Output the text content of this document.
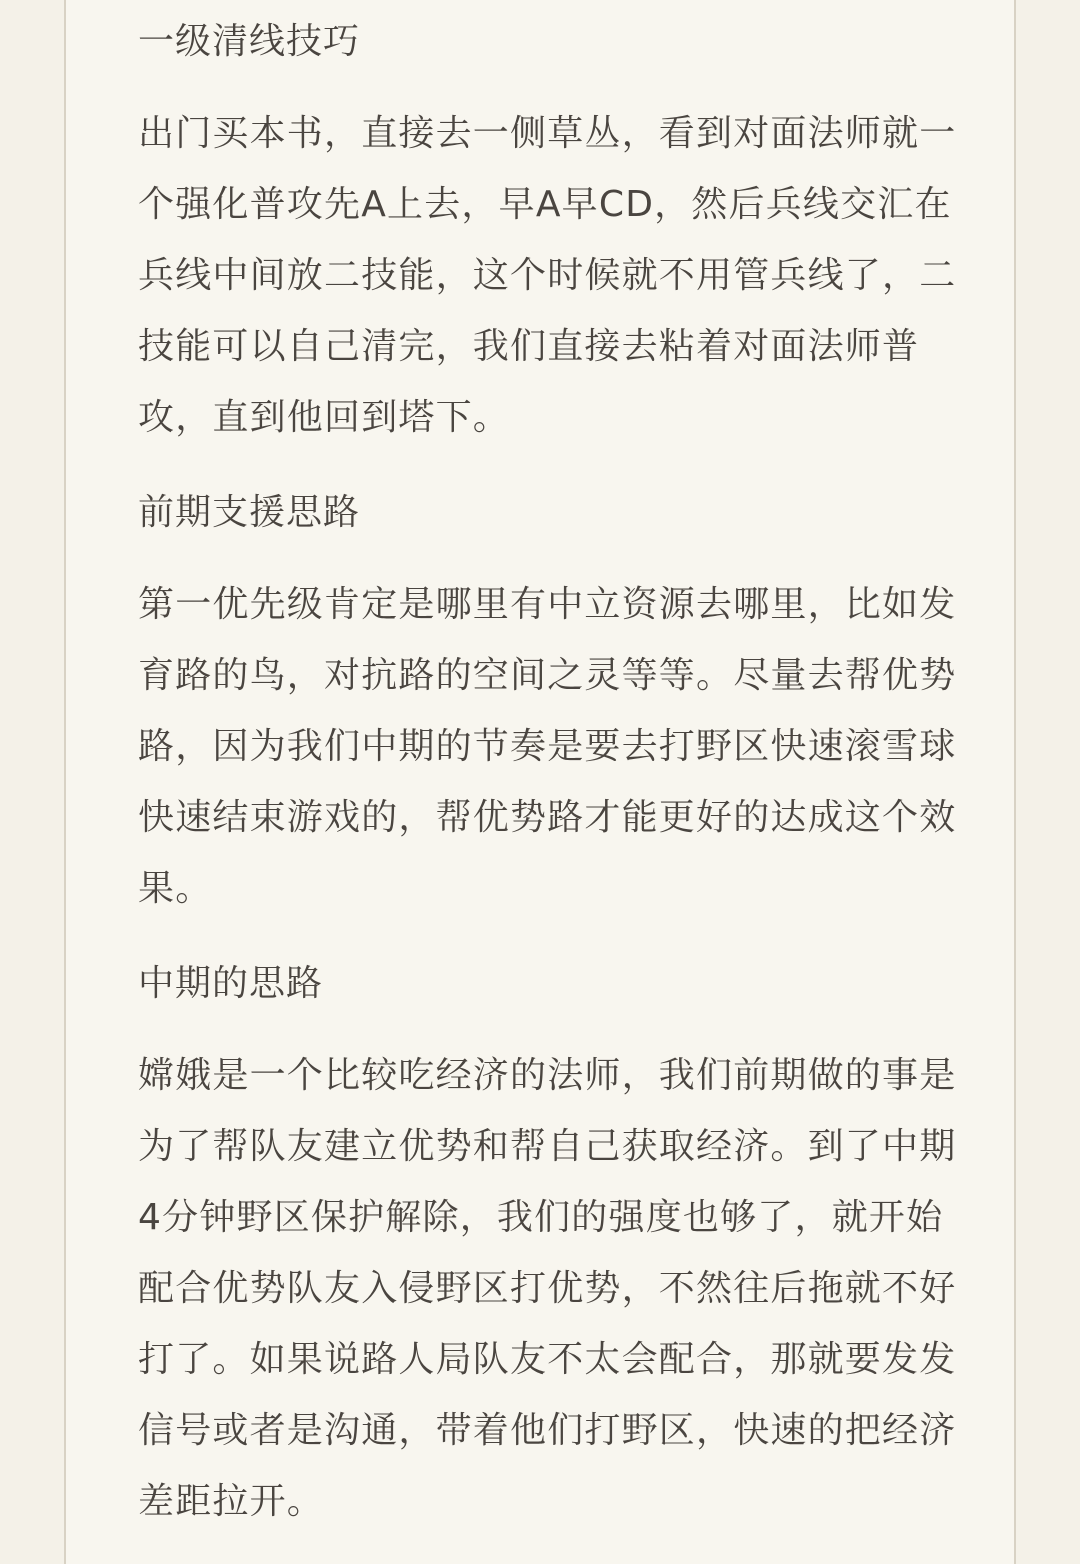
一级清线技巧

出门买本书，直接去一侧草丛，看到对面法师就一个强化普攻先A上去，早A早CD，然后兵线交汇在兵线中间放二技能，这个时候就不用管兵线了，二技能可以自己清完，我们直接去粘着对面法师普攻，直到他回到塔下。

前期支援思路

第一优先级肯定是哪里有中立资源去哪里，比如发育路的鸟，对抗路的空间之灵等等。尽量去帮优势路，因为我们中期的节奏是要去打野区快速滚雪球快速结束游戏的，帮优势路才能更好的达成这个效果。

中期的思路

嫦娥是一个比较吃经济的法师，我们前期做的事是为了帮队友建立优势和帮自己获取经济。到了中期4分钟野区保护解除，我们的强度也够了，就开始配合优势队友入侵野区打优势，不然往后拖就不好打了。如果说路人局队友不太会配合，那就要发发信号或者是沟通，带着他们打野区，快速的把经济差距拉开。
